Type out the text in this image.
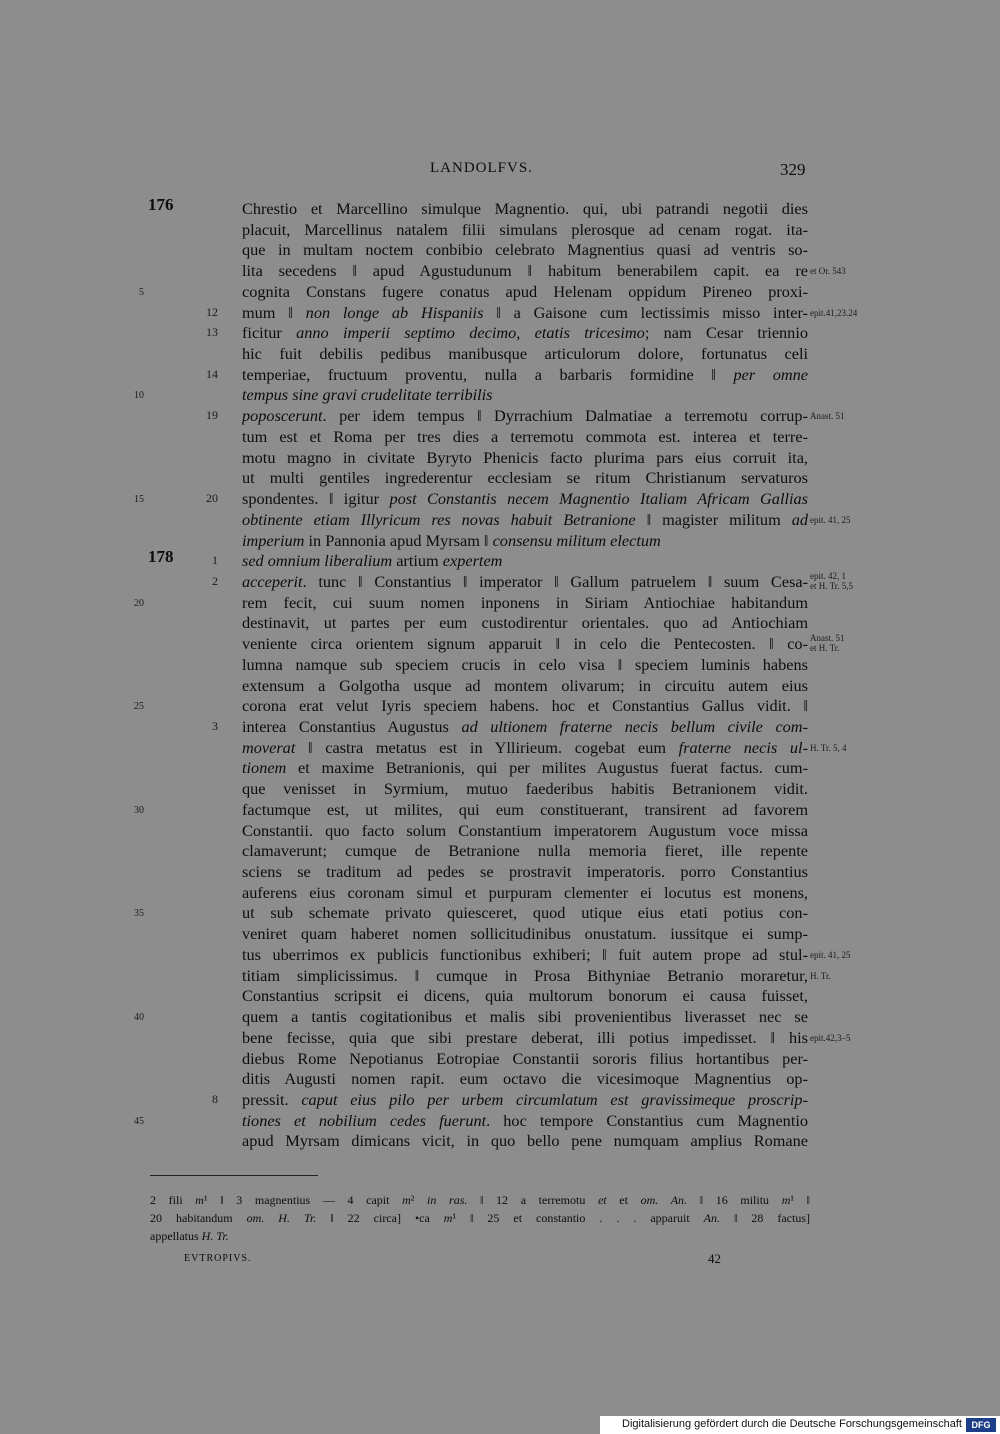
LANDOLFVS.	329
176	Chrestio et Marcellino simulque Magnentio. qui, ubi patrandi negotii dies
placuit, Marcellinus natalem filii simulans plerosque ad cenam rogat. ita-
que in multam noctem conbibio celebrato Magnentius quasi ad ventris so-
lita secedens ‖ apud Agustudunum ‖ habitum benerabilem capit. ea re et Or. 543
5	cognita Constans fugere conatus apud Helenam oppidum Pireneo proxi-
12 mum ‖ non longe ab Hispaniis ‖ a Gaisone cum lectissimis misso inter- epit.41,23.24
13 ficitur anno imperii septimo decimo, etatis tricesimo; nam Cesar triennio
hic fuit debilis pedibus manibusque articulorum dolore, fortunatus celi
14 temperiae, fructuum proventu, nulla a barbaris formidine ‖ per omne
10	tempus sine gravi crudelitate terribilis
19 poposcerunt. per idem tempus ‖ Dyrrachium Dalmatiae a terremotu corrup- Anast. 51
tum est et Roma per tres dies a terremotu commota est. interea et terre-
motu magno in civitate Byryto Phenicis facto plurima pars eius corruit ita,
ut multi gentiles ingrederentur ecclesiam se ritum Christianum servaturos
15	20 spondentes. ‖ igitur post Constantis necem Magnentio Italiam Africam Gallias
obtinente etiam Illyricum res novas habuit Betranione ‖ magister militum ad epit. 41, 25
imperium in Pannonia apud Myrsam ‖ consensu militum electum
178	1 sed omnium liberalium artium expertem
2 acceperit. tunc ‖ Constantius ‖ imperator ‖ Gallum patruelem ‖ suum Cesa- epit. 42, 1
et H. Tr. 5,5
20	rem fecit, cui suum nomen inponens in Siriam Antiochiae habitandum
destinavit, ut partes per eum custodirentur orientales. quo ad Antiochiam
veniente circa orientem signum apparuit ‖ in celo die Pentecosten. ‖ co- Anast. 51
et H. Tr.
lumna namque sub speciem crucis in celo visa ‖ speciem luminis habens
extensum a Golgotha usque ad montem olivarum; in circuitu autem eius
25	corona erat velut Iyris speciem habens. hoc et Constantius Gallus vidit. ‖
3 interea Constantius Augustus ad ultionem fraterne necis bellum civile com-
moverat ‖ castra metatus est in Yllirieum. cogebat eum fraterne necis ul- H. Tr. 5, 4
tionem et maxime Betranionis, qui per milites Augustus fuerat factus. cum-
que venisset in Syrmium, mutuo faederibus habitis Betranionem vidit.
30	factumque est, ut milites, qui eum constituerant, transirent ad favorem
Constantii. quo facto solum Constantium imperatorem Augustum voce missa
clamaverunt; cumque de Betranione nulla memoria fieret, ille repente
sciens se traditum ad pedes se prostravit imperatoris. porro Constantius
auferens eius coronam simul et purpuram clementer ei locutus est monens,
35	ut sub schemate privato quiesceret, quod utique eius etati potius con-
veniret quam haberet nomen sollicitudinibus onustatum. iussitque ei sump-
tus uberrimos ex publicis functionibus exhiberi; ‖ fuit autem prope ad stul- epit. 41, 25
titiam simplicissimus. ‖ cumque in Prosa Bithyniae Betranio moraretur, H. Tr.
Constantius scripsit ei dicens, quia multorum bonorum ei causa fuisset,
40	quem a tantis cogitationibus et malis sibi provenientibus liverasset nec se
bene fecisse, quia que sibi prestare deberat, illi potius impedisset. ‖ his epit.42,3–5
diebus Rome Nepotianus Eotropiae Constantii sororis filius hortantibus per-
ditis Augusti nomen rapit. eum octavo die vicesimoque Magnentius op-
8 pressit. caput eius pilo per urbem circumlatum est gravissimeque proscrip-
45	tiones et nobilium cedes fuerunt. hoc tempore Constantius cum Magnentio
apud Myrsam dimicans vicit, in quo bello pene numquam amplius Romane
2 fili m¹ ‖ 3 magnentius — 4 capit m² in ras. ‖ 12 a terremotu et et om. An. ‖ 16 militu m¹ ‖
20 habitandum om. H. Tr. ‖ 22 circa] •ca m¹ ‖ 25 et constantio . . . apparuit An. ‖ 28 factus]
appellatus H. Tr.
EVTROPIVS.	42
Digitalisierung gefördert durch die Deutsche Forschungsgemeinschaft	DFG
